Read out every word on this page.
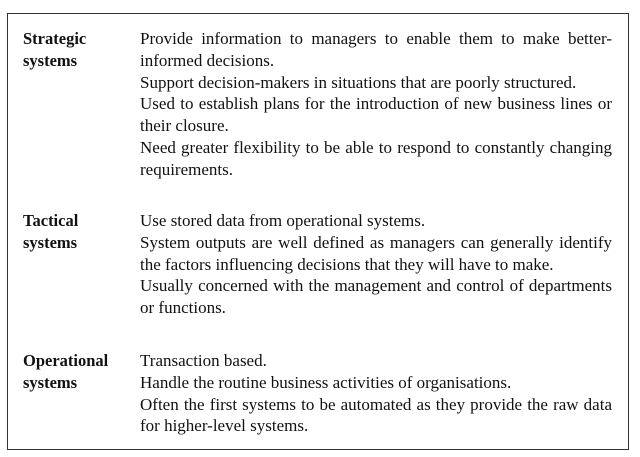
Strategic
systems

Provide information to managers to enable them to make better-informed decisions.

Support decision-makers in situations that are poorly structured.

Used to establish plans for the introduction of new business lines or their closure.

Need greater flexibility to be able to respond to constantly changing requirements.

Tactical
systems

Use stored data from operational systems.

System outputs are well defined as managers can generally identify the factors influencing decisions that they will have to make.

Usually concerned with the management and control of departments or functions.

Operational
systems

Transaction based.

Handle the routine business activities of organisations.

Often the first systems to be automated as they provide the raw data for higher-level systems.
